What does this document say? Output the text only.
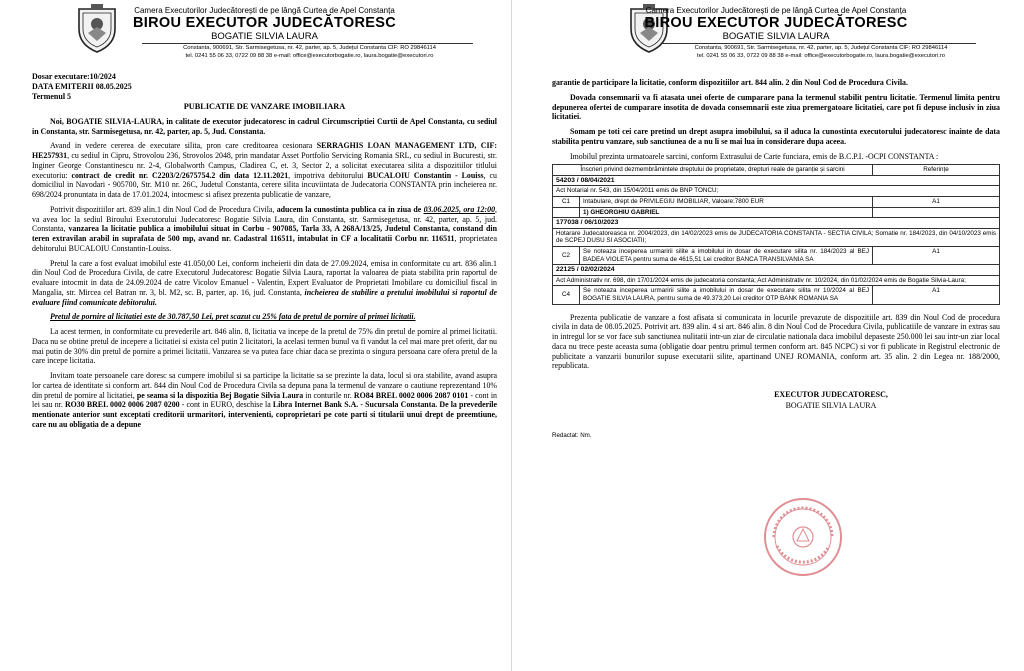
Camera Executorilor Judecătorești de pe lângă Curtea de Apel Constanța
BIROU EXECUTOR JUDECĂTORESC
BOGATIE SILVIA LAURA
Constanta, 900691, Str. Sarmisegetusa, nr. 42, parter, ap. 5, Județul Constanta CIF: RO 29846114
tel. 0241 55 06 33, 0722 09 88 38 e-mail: office@executorbogatie.ro, laura.bogatie@executori.ro
Dosar executare:10/2024
DATA EMITERII 08.05.2025
Termenul 5

PUBLICATIE DE VANZARE IMOBILIARA

Noi, BOGATIE SILVIA-LAURA, in calitate de executor judecatoresc in cadrul Circumscriptiei Curtii de Apel Constanta, cu sediul in Constanta, str. Sarmisegetusa, nr. 42, parter, ap. 5, Jud. Constanta.

Avand in vedere cererea de executare silita, pron care creditoarea cesionara SERRAGHIS LOAN MANAGEMENT LTD, CIF: HE257931, cu sediul in Cipru, Strovolou 236, Strovolos 2048, prin mandatar Asset Portfolio Servicing Romania SRL, cu sediul in Bucuresti, str. Inginer George Constantinescu nr. 2-4, Globalworth Campus, Cladirea C, et. 3, Sector 2, a solicitat executarea silita a dispozitiilor titlului executoriu: contract de credit nr. C2203/2/2675754.2 din data 12.11.2021, impotriva debitorului BUCALOIU Constantin - Louiss, cu domiciliul in Navodari - 905700, Str. M10 nr. 26C, Judetul Constanta, cerere silita incuviintata de Judecatoria CONSTANTA prin incheierea nr. 698/2024 pronuntata in data de 17.01.2024, intocmesc si afisez prezenta publicatie de vanzare,

Potrivit dispozitiilor art. 839 alin.1 din Noul Cod de Procedura Civila, aducem la cunostinta publica ca in ziua de 03.06.2025, ora 12:00, va avea loc la sediul Biroului Executorului Judecatoresc Bogatie Silvia Laura, din Constanta, str. Sarmisegetusa, nr. 42, parter, ap. 5, jud. Constanta, vanzarea la licitatie publica a imobilului situat in Corbu - 907085, Tarla 33, A 268A/13/25, Judetul Constanta, constand din teren extravilan arabil in suprafata de 500 mp, avand nr. Cadastral 116511, intabulat in CF a localitatii Corbu nr. 116511, proprietatea debitorului BUCALOIU Constantin-Louiss.

Pretul la care a fost evaluat imobilul este 41.050,00 Lei, conform incheierii din data de 27.09.2024, emisa in conformitate cu art. 836 alin.1 din Noul Cod de Procedura Civila, de catre Executorul Judecatoresc Bogatie Silvia Laura, raportat la valoarea de piata stabilita prin raportul de evaluare intocmit in data de 24.09.2024 de catre Vicolov Emanuel - Valentin, Expert Evaluator de Proprietati Imobilare cu domiciliul fiscal in Mangalia, str. Mircea cel Batran nr. 3, bl. M2, sc. B, parter, ap. 16, jud. Constanta, incheierea de stabilire a pretului imobilului si raportul de evaluare fiind comunicate debitorului.

Pretul de pornire al licitatiei este de 30.787,50 Lei, pret scazut cu 25% fata de pretul de pornire al primei licitatii.

La acest termen, in conformitate cu prevederile art. 846 alin. 8, licitatia va incepe de la pretul de 75% din pretul de pornire al primei licitatii. Daca nu se obtine pretul de incepere a licitatiei si exista cel putin 2 licitatori, la acelasi termen bunul va fi vandut la cel mai mare pret oferit, dar nu mai putin de 30% din pretul de pornire a primei licitatii. Vanzarea se va putea face chiar daca se prezinta o singura persoana care ofera pretul de la care incepe licitatia.

Invitam toate persoanele care doresc sa cumpere imobilul si sa participe la licitatie sa se prezinte la data, locul si ora stabilite, avand asupra lor cartea de identitate si conform art. 844 din Noul Cod de Procedura Civila sa depuna pana la termenul de vanzare o cautiune reprezentand 10% din pretul de pornire al licitatiei, pe seama si la dispozitia Bej Bogatie Silvia Laura in conturile nr. RO84 BREL 0002 0006 2087 0101 - cont in lei sau nr. RO30 BREL 0002 0006 2087 0200 - cont in EURO, deschise la Libra Internet Bank S.A. - Sucursala Constanta. De la prevederile mentionate anterior sunt exceptati creditorii urmaritori, intervenienti, coproprietari pe cote parti si titularii unui drept de preemtiune, care nu au obligatia de a depune

Camera Executorilor Judecătorești de pe lângă Curtea de Apel Constanța
BIROU EXECUTOR JUDECĂTORESC
BOGATIE SILVIA LAURA
Constanta, 900691, Str. Sarmisegetusa, nr. 42, parter, ap. 5, Județul Constanta CIF: RO 29846114
tel. 0241 55 06 33, 0722 09 88 38 e-mail: office@executorbogatie.ro, laura.bogatie@executori.ro

garantie de participare la licitatie, conform dispozitiilor art. 844 alin. 2 din Noul Cod de Procedura Civila.

Dovada consemnarii va fi atasata unei oferte de cumparare pana la termenul stabilit pentru licitatie. Termenul limita pentru depunerea ofertei de cumparare insotita de dovada consemnarii este ziua premergatoare licitatiei, care pot fi depuse inclusiv in ziua licitatiei.

Somam pe toti cei care pretind un drept asupra imobilului, sa il aduca la cunostinta executorului judecatoresc inainte de data stabilita pentru vanzare, sub sanctiunea de a nu li se mai lua in considerare dupa aceea.

Imobilul prezinta urmatoarele sarcini, conform Extrasului de Carte funciara, emis de B.C.P.I. -OCPI CONSTANTA :

Înscrieri privind dezmembrămintele dreptului de proprietate, drepturi reale de garanție și sarcini		Referințe
54203 / 08/04/2021		
Act Notarial nr. 543, din 15/04/2011 emis de BNP TONCU;		
C1	Intabulare, drept de PRIVILEGIU IMOBILIAR, Valoare:7800 EUR	A1
	1) GHEORGHIU GABRIEL	
177038 / 06/10/2023		
Hotarare Judecatoreasca nr. 2004/2023, din 14/02/2023 emis de JUDECATORIA CONSTANTA - SECTIA CIVILA; Somatie nr. 184/2023, din 04/10/2023 emis de SCPEJ DUSU SI ASOCIATII;		
C2	Se noteaza inceperea urmaririi silite a imobilului in dosar de executare silita nr. 184/2023 al BEJ BADEA VIOLETA pentru suma de 4615,51 Lei creditor BANCA TRANSILVANIA SA	A1
22125 / 02/02/2024		
Act Administrativ nr. 698, din 17/01/2024 emis de judecatoria constanta; Act Administrativ nr. 10/2024, din 01/02/2024 emis de Bogatie Silvia-Laura;		
C4	Se noteaza inceperea urmaririi silite a imobilului in dosar de executare silita nr 10/2024 al BEJ BOGATIE SILVIA LAURA, pentru suma de 49.373,20 Lei creditor OTP BANK ROMANIA SA	A1

Prezenta publicatie de vanzare a fost afisata si comunicata in locurile prevazute de dispozitiile art. 839 din Noul Cod de procedura civila in data de 08.05.2025. Potrivit art. 839 alin. 4 si art. 846 alin. 8 din Noul Cod de Procedura Civila, publicatiile de vanzare in extras sau in intregul lor se vor face sub sanctiunea nulitatii intr-un ziar de circulatie nationala daca imobilul depaseste 250.000 lei sau intr-un ziar local daca nu trece peste aceasta suma (obligatie doar pentru primul termen conform art. 845 NCPC) si vor fi publicate in Registrul electronic de publicitate a vanzarii bunurilor supuse executarii silite, apartinand UNEJ ROMANIA, conform art. 35 alin. 2 din Legea nr. 188/2000, republicata.

EXECUTOR JUDECATORESC,
BOGATIE SILVIA LAURA
Redactat: Nm.
